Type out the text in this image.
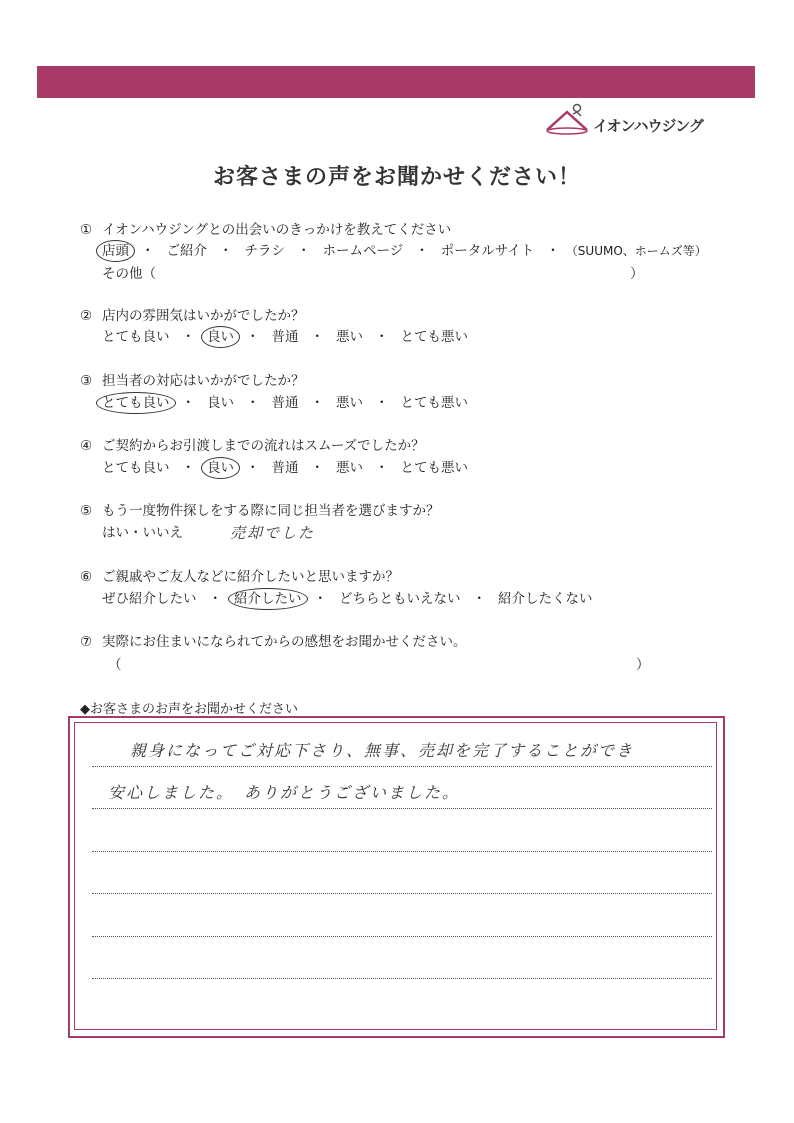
イオンハウジング
お客さまの声をお聞かせください！
① イオンハウジングとの出会いのきっかけを教えてください
店頭 ・ ご紹介 ・ チラシ ・ ホームページ ・ ポータルサイト ・ （SUUMO、ホームズ等）
その他（	）
② 店内の雰囲気はいかがでしたか？
とても良い ・ 良い ・ 普通 ・ 悪い ・ とても悪い
③ 担当者の対応はいかがでしたか？
とても良い ・ 良い ・ 普通 ・ 悪い ・ とても悪い
④ ご契約からお引渡しまでの流れはスムーズでしたか？
とても良い ・ 良い ・ 普通 ・ 悪い ・ とても悪い
⑤ もう一度物件探しをする際に同じ担当者を選びますか？
はい・いいえ	売却でした
⑥ ご親戚やご友人などに紹介したいと思いますか？
ぜひ紹介したい ・ 紹介したい ・ どちらともいえない ・ 紹介したくない
⑦ 実際にお住まいになられてからの感想をお聞かせください。
（	）
◆お客さまのお声をお聞かせください
親身になってご対応下さり、無事、売却を完了することができ
安心しました。　ありがとうございました。
